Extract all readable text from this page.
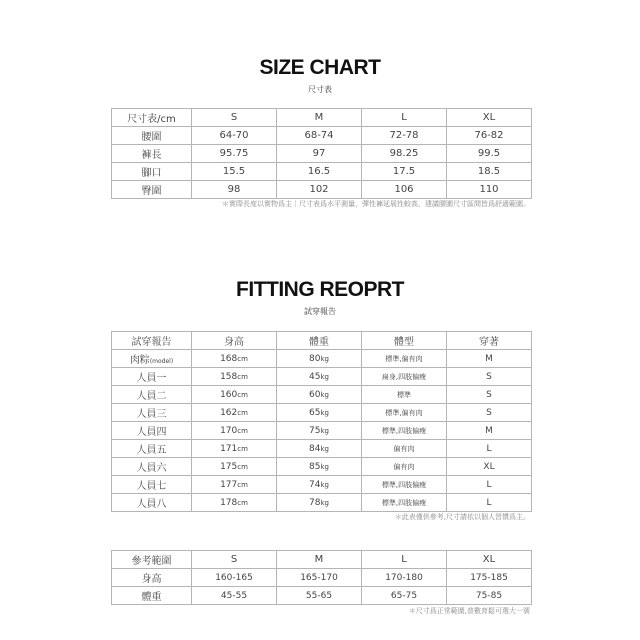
SIZE CHART
尺寸表
尺寸表/cm	S	M	L	XL
腰圍	64-70	68-74	72-78	76-82
褲長	95.75	97	98.25	99.5
腳口	15.5	16.5	17.5	18.5
臀圍	98	102	106	110
＊實際長度以實物爲主｜尺寸表爲水平測量，彈性褲延展性較高，建議腰圍尺寸區間皆爲舒適範圍。
FITTING REOPRT
試穿報告
試穿報告	身高	體重	體型	穿著
肉粽(model)	168cm	80kg	標準,偏有肉	M
人員一	158cm	45kg	扁身,四肢偏瘦	S
人員二	160cm	60kg	標準	S
人員三	162cm	65kg	標準,偏有肉	S
人員四	170cm	75kg	標準,四肢偏瘦	M
人員五	171cm	84kg	偏有肉	L
人員六	175cm	85kg	偏有肉	XL
人員七	177cm	74kg	標準,四肢偏瘦	L
人員八	178cm	78kg	標準,四肢偏瘦	L
＊此表僅供參考,尺寸請依以個人習慣爲主。
參考範圍	S	M	L	XL
身高	160-165	165-170	170-180	175-185
體重	45-55	55-65	65-75	75-85
＊尺寸爲正常範圍,普數育鬆可選大一號
